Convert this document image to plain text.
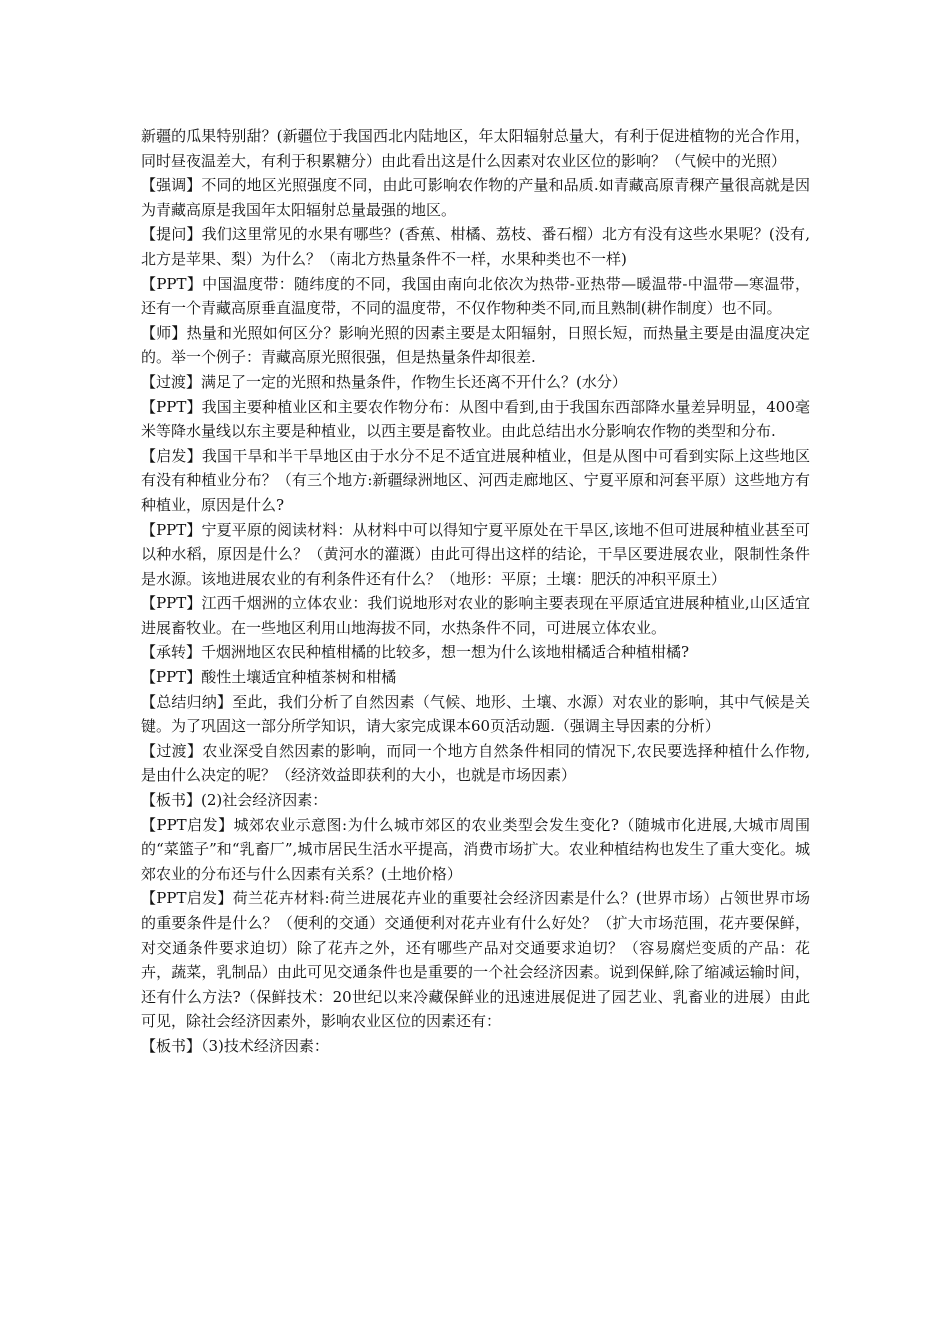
新疆的瓜果特别甜？(新疆位于我国西北内陆地区，年太阳辐射总量大，有利于促进植物的光合作用，同时昼夜温差大，有利于积累糖分）由此看出这是什么因素对农业区位的影响？（气候中的光照）

【强调】不同的地区光照强度不同，由此可影响农作物的产量和品质.如青藏高原青稞产量很高就是因为青藏高原是我国年太阳辐射总量最强的地区。

【提问】我们这里常见的水果有哪些？(香蕉、柑橘、荔枝、番石榴）北方有没有这些水果呢？(没有,北方是苹果、梨）为什么？（南北方热量条件不一样，水果种类也不一样)

【PPT】中国温度带：随纬度的不同，我国由南向北依次为热带-亚热带—暖温带-中温带—寒温带，还有一个青藏高原垂直温度带，不同的温度带，不仅作物种类不同,而且熟制(耕作制度）也不同。

【师】热量和光照如何区分？影响光照的因素主要是太阳辐射，日照长短，而热量主要是由温度决定的。举一个例子：青藏高原光照很强，但是热量条件却很差.

【过渡】满足了一定的光照和热量条件，作物生长还离不开什么？(水分）

【PPT】我国主要种植业区和主要农作物分布：从图中看到,由于我国东西部降水量差异明显，400毫米等降水量线以东主要是种植业，以西主要是畜牧业。由此总结出水分影响农作物的类型和分布.

【启发】我国干旱和半干旱地区由于水分不足不适宜进展种植业，但是从图中可看到实际上这些地区有没有种植业分布？（有三个地方:新疆绿洲地区、河西走廊地区、宁夏平原和河套平原）这些地方有种植业，原因是什么?

【PPT】宁夏平原的阅读材料：从材料中可以得知宁夏平原处在干旱区,该地不但可进展种植业甚至可以种水稻，原因是什么？（黄河水的灌溉）由此可得出这样的结论，干旱区要进展农业，限制性条件是水源。该地进展农业的有利条件还有什么？（地形：平原；土壤：肥沃的冲积平原土）

【PPT】江西千烟洲的立体农业：我们说地形对农业的影响主要表现在平原适宜进展种植业,山区适宜进展畜牧业。在一些地区利用山地海拔不同，水热条件不同，可进展立体农业。

【承转】千烟洲地区农民种植柑橘的比较多，想一想为什么该地柑橘适合种植柑橘?

【PPT】酸性土壤适宜种植茶树和柑橘

【总结归纳】至此，我们分析了自然因素（气候、地形、土壤、水源）对农业的影响，其中气候是关键。为了巩固这一部分所学知识，请大家完成课本60页活动题.（强调主导因素的分析）

【过渡】农业深受自然因素的影响，而同一个地方自然条件相同的情况下,农民要选择种植什么作物,是由什么决定的呢？（经济效益即获利的大小，也就是市场因素）

【板书】(2)社会经济因素：

【PPT启发】城郊农业示意图:为什么城市郊区的农业类型会发生变化?（随城市化进展,大城市周围的“菜篮子”和“乳畜厂”,城市居民生活水平提高，消费市场扩大。农业种植结构也发生了重大变化。城郊农业的分布还与什么因素有关系？(土地价格）

【PPT启发】荷兰花卉材料:荷兰进展花卉业的重要社会经济因素是什么？(世界市场）占领世界市场的重要条件是什么？（便利的交通）交通便利对花卉业有什么好处？（扩大市场范围，花卉要保鲜，对交通条件要求迫切）除了花卉之外，还有哪些产品对交通要求迫切？（容易腐烂变质的产品：花卉，蔬菜，乳制品）由此可见交通条件也是重要的一个社会经济因素。说到保鲜,除了缩减运输时间，还有什么方法?（保鲜技术：20世纪以来冷藏保鲜业的迅速进展促进了园艺业、乳畜业的进展）由此可见，除社会经济因素外，影响农业区位的因素还有：

【板书】（3)技术经济因素：
